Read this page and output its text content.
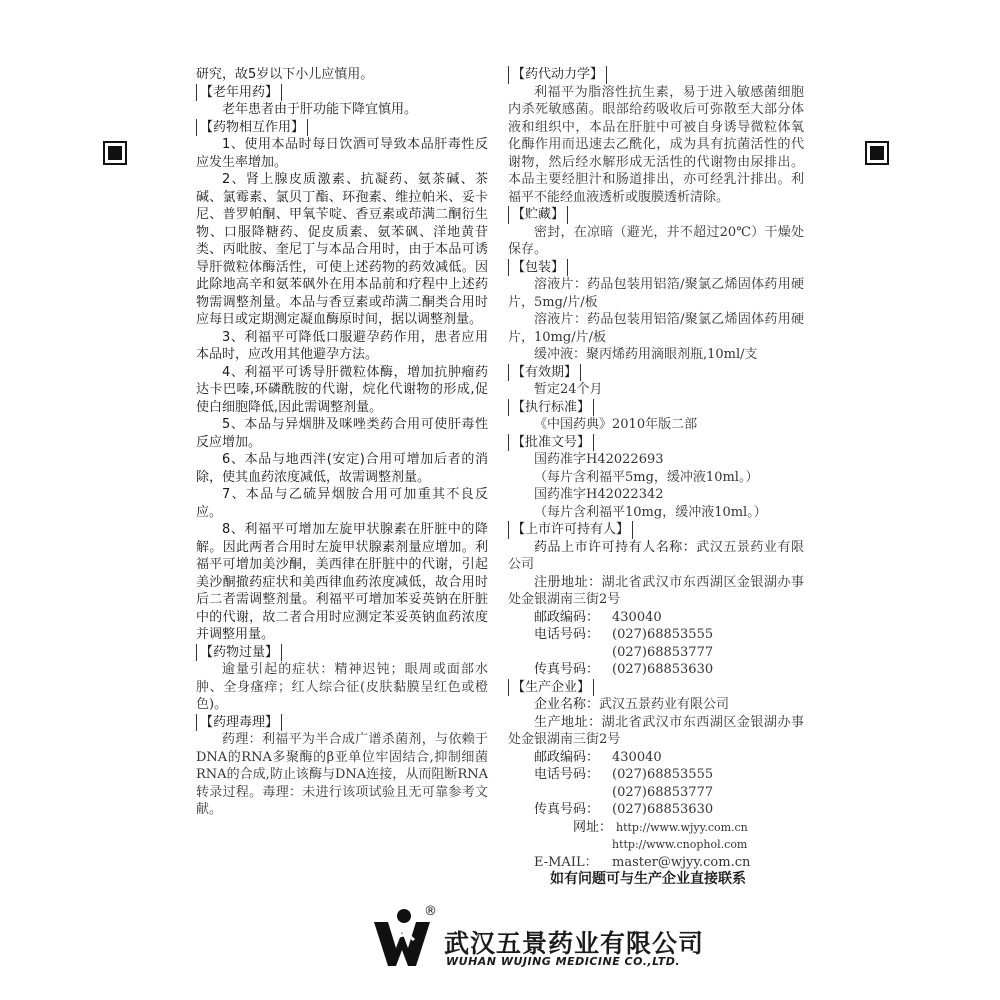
研究，故5岁以下小儿应慎用。

【老年用药】

老年患者由于肝功能下降宜慎用。

【药物相互作用】

1、使用本品时每日饮酒可导致本品肝毒性反应发生率增加。

2、肾上腺皮质激素、抗凝药、氨茶碱、茶碱、氯霉素、氯贝丁酯、环孢素、维拉帕米、妥卡尼、普罗帕酮、甲氧苄啶、香豆素或茚满二酮衍生物、口服降糖药、促皮质素、氨苯砜、洋地黄苷类、丙吡胺、奎尼丁与本品合用时，由于本品可诱导肝微粒体酶活性，可使上述药物的药效减低。因此除地高辛和氨苯砜外在用本品前和疗程中上述药物需调整剂量。本品与香豆素或茚满二酮类合用时应每日或定期测定凝血酶原时间，据以调整剂量。

3、利福平可降低口服避孕药作用，患者应用本品时，应改用其他避孕方法。

4、利福平可诱导肝微粒体酶，增加抗肿瘤药达卡巴嗪,环磷酰胺的代谢，烷化代谢物的形成,促使白细胞降低,因此需调整剂量。

5、本品与异烟肼及咪唑类药合用可使肝毒性反应增加。

6、本品与地西泮(安定)合用可增加后者的消除，使其血药浓度减低，故需调整剂量。

7、本品与乙硫异烟胺合用可加重其不良反应。

8、利福平可增加左旋甲状腺素在肝脏中的降解。因此两者合用时左旋甲状腺素剂量应增加。利福平可增加美沙酮，美西律在肝脏中的代谢，引起美沙酮撤药症状和美西律血药浓度减低，故合用时后二者需调整剂量。利福平可增加苯妥英钠在肝脏中的代谢，故二者合用时应测定苯妥英钠血药浓度并调整用量。

【药物过量】

逾量引起的症状：精神迟钝；眼周或面部水肿、全身瘙痒；红人综合征(皮肤黏膜呈红色或橙色)。

【药理毒理】

药理：利福平为半合成广谱杀菌剂，与依赖于DNA的RNA多聚酶的β亚单位牢固结合,抑制细菌RNA的合成,防止该酶与DNA连接，从而阻断RNA转录过程。毒理：未进行该项试验且无可靠参考文献。

【药代动力学】

利福平为脂溶性抗生素，易于进入敏感菌细胞内杀死敏感菌。眼部给药吸收后可弥散至大部分体液和组织中，本品在肝脏中可被自身诱导微粒体氧化酶作用而迅速去乙酰化，成为具有抗菌活性的代谢物，然后经水解形成无活性的代谢物由尿排出。本品主要经胆汁和肠道排出，亦可经乳汁排出。利福平不能经血液透析或腹膜透析清除。

【贮藏】

密封，在凉暗（避光，并不超过20℃）干燥处保存。

【包装】

溶液片：药品包装用铝箔/聚氯乙烯固体药用硬片，5mg/片/板

溶液片：药品包装用铝箔/聚氯乙烯固体药用硬片，10mg/片/板

缓冲液：聚丙烯药用滴眼剂瓶,10ml/支

【有效期】

暂定24个月

【执行标准】

《中国药典》2010年版二部

【批准文号】

国药准字H42022693

（每片含利福平5mg，缓冲液10ml。）

国药准字H42022342

（每片含利福平10mg，缓冲液10ml。）

【上市许可持有人】

药品上市许可持有人名称：武汉五景药业有限公司

注册地址：湖北省武汉市东西湖区金银湖办事处金银湖南三街2号

邮政编码： 430040
电话号码： (027)68853555
(027)68853777
传真号码： (027)68853630

【生产企业】

企业名称：武汉五景药业有限公司

生产地址：湖北省武汉市东西湖区金银湖办事处金银湖南三街2号

邮政编码： 430040
电话号码： (027)68853555
(027)68853777
传真号码： (027)68853630
网址： http://www.wjyy.com.cn
http://www.cnophol.com
E-MAIL：	master@wjyy.com.cn

如有问题可与生产企业直接联系

®
武汉五景药业有限公司
WUHAN WUJING MEDICINE CO.,LTD.
